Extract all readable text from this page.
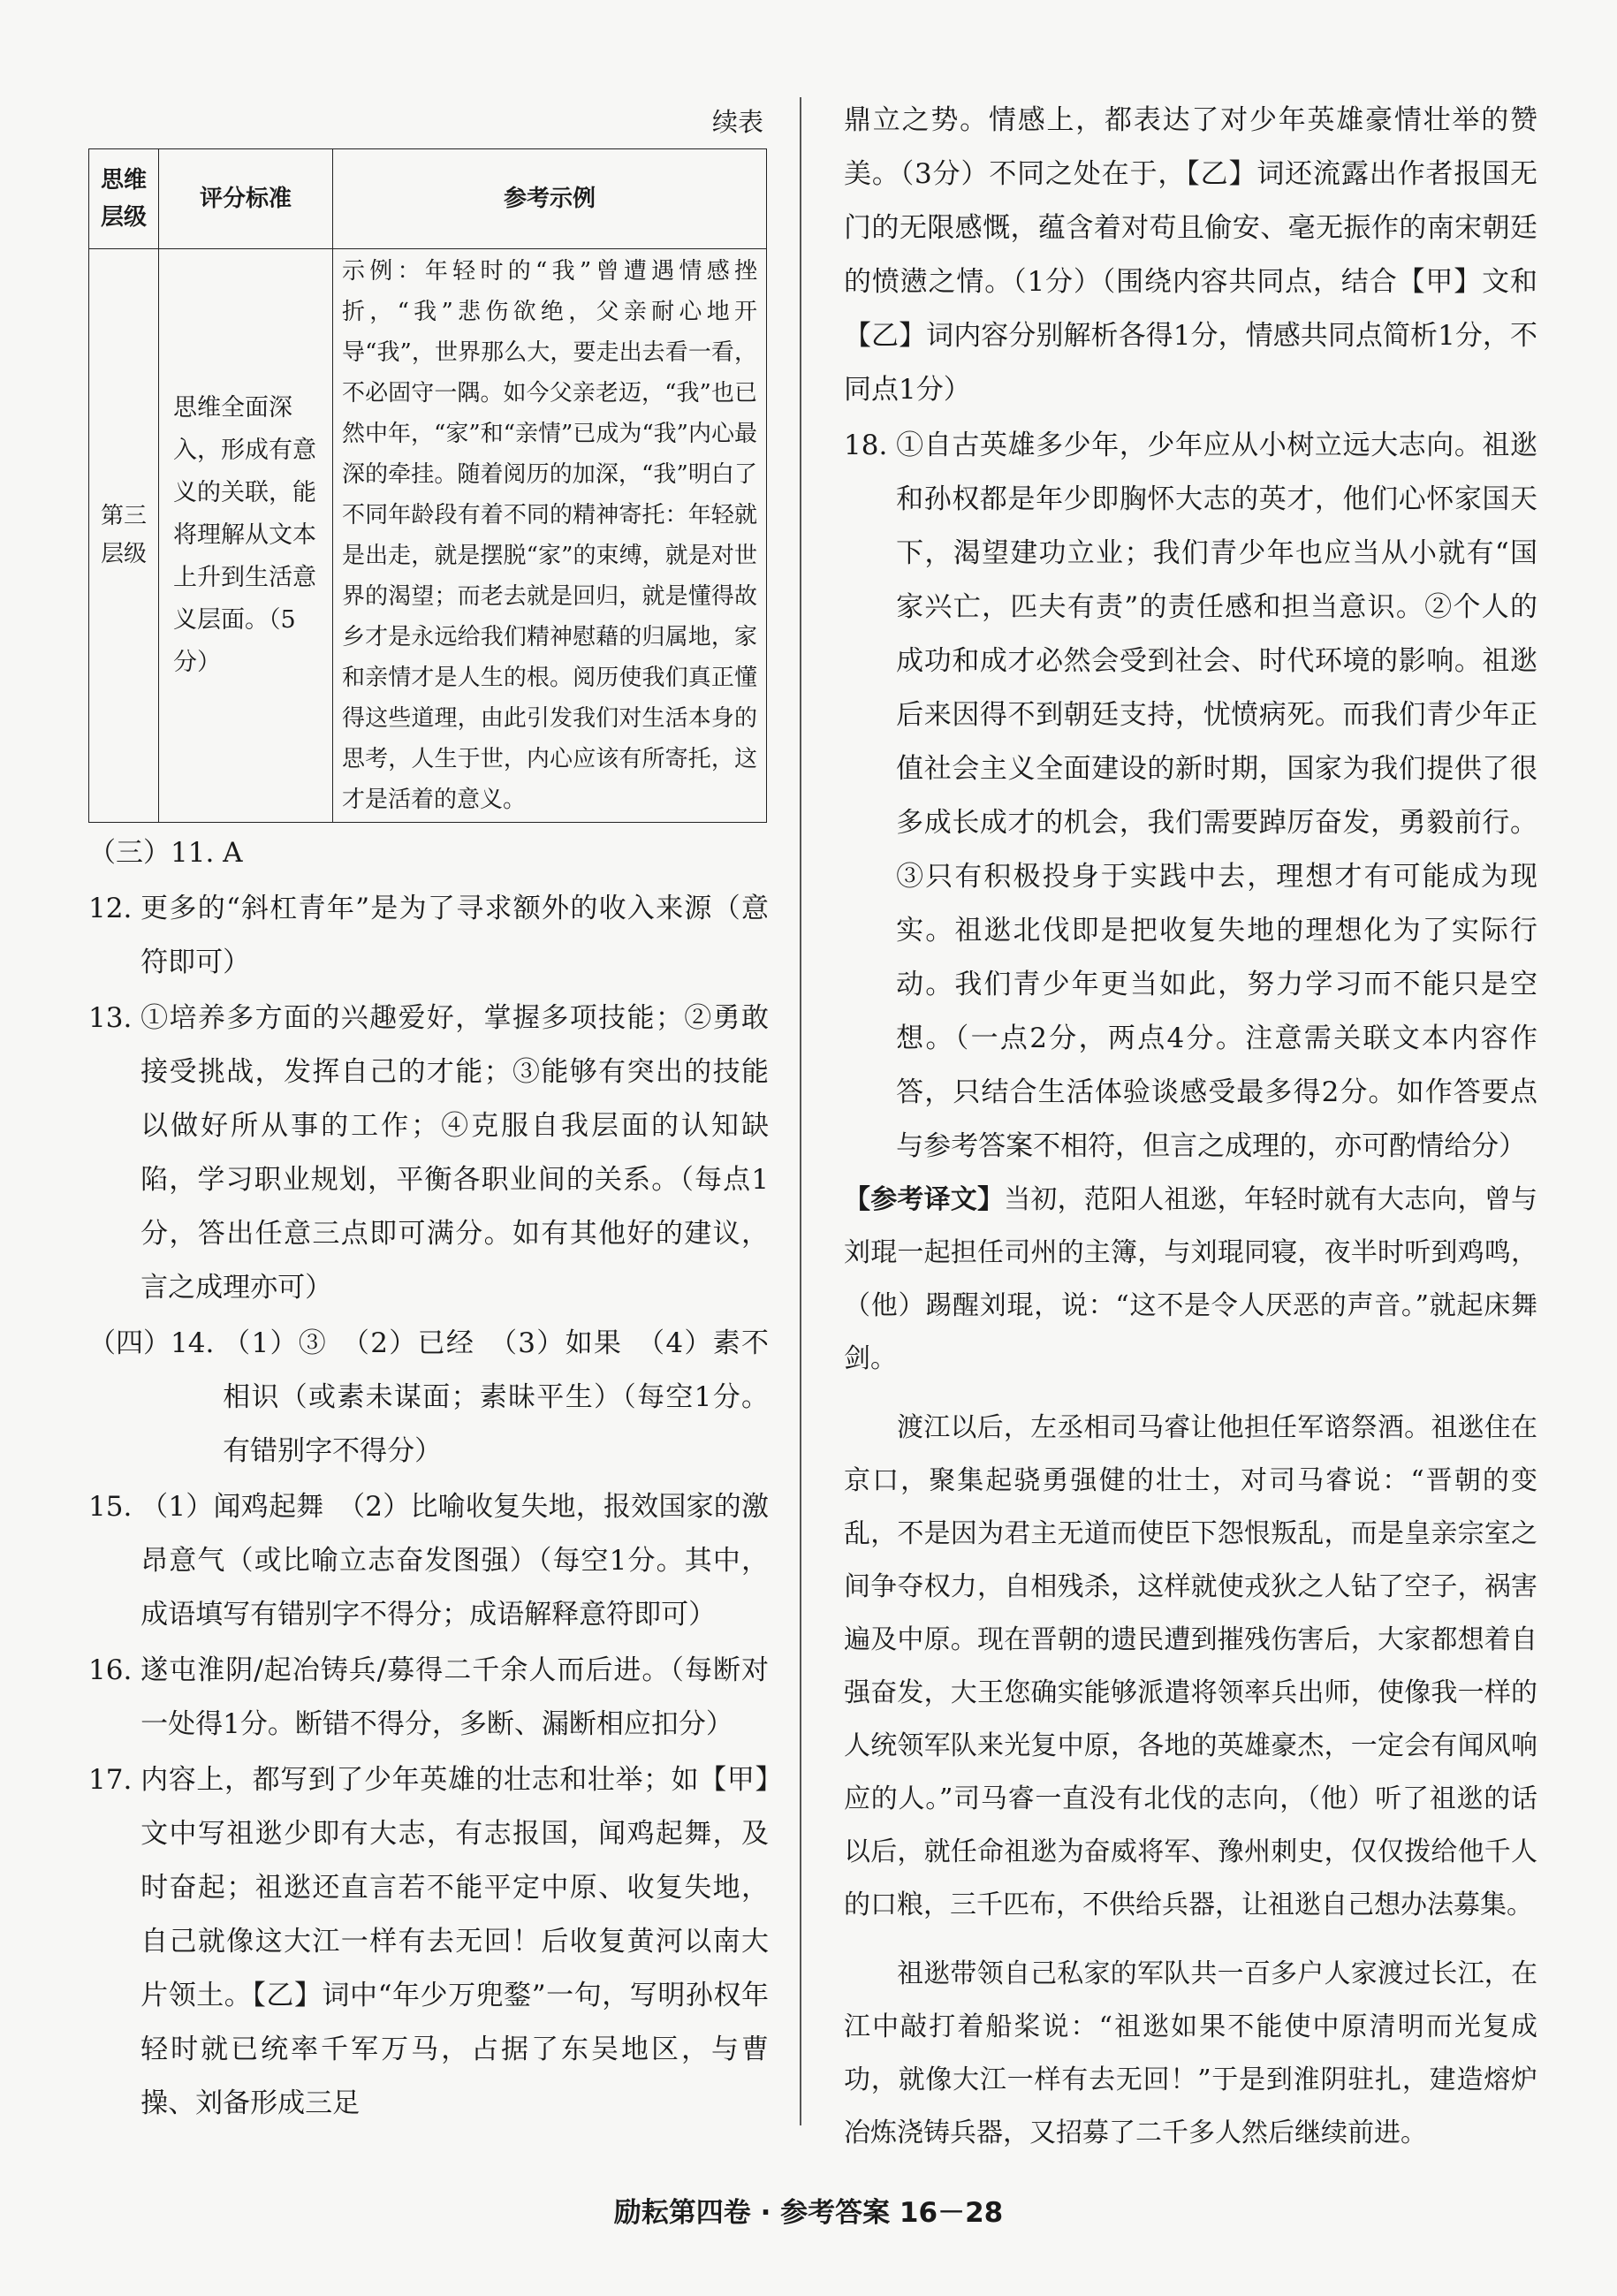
续表
思维层级	评分标准	参考示例
第三层级	思维全面深入，形成有意义的关联，能将理解从文本上升到生活意义层面。（5分）	示例：年轻时的“我”曾遭遇情感挫折，“我”悲伤欲绝，父亲耐心地开导“我”，世界那么大，要走出去看一看，不必固守一隅。如今父亲老迈，“我”也已然中年，“家”和“亲情”已成为“我”内心最深的牵挂。随着阅历的加深，“我”明白了不同年龄段有着不同的精神寄托：年轻就是出走，就是摆脱“家”的束缚，就是对世界的渴望；而老去就是回归，就是懂得故乡才是永远给我们精神慰藉的归属地，家和亲情才是人生的根。阅历使我们真正懂得这些道理，由此引发我们对生活本身的思考，人生于世，内心应该有所寄托，这才是活着的意义。
（三）11. A
12. 更多的“斜杠青年”是为了寻求额外的收入来源（意符即可）
13. ①培养多方面的兴趣爱好，掌握多项技能；②勇敢接受挑战，发挥自己的才能；③能够有突出的技能以做好所从事的工作；④克服自我层面的认知缺陷，学习职业规划，平衡各职业间的关系。（每点1分，答出任意三点即可满分。如有其他好的建议，言之成理亦可）
（四）14. （1）③　（2）已经　（3）如果　（4）素不相识（或素未谋面；素昧平生）（每空1分。有错别字不得分）
15. （1）闻鸡起舞　（2）比喻收复失地，报效国家的激昂意气（或比喻立志奋发图强）（每空1分。其中，成语填写有错别字不得分；成语解释意符即可）
16. 遂屯淮阴/起冶铸兵/募得二千余人而后进。（每断对一处得1分。断错不得分，多断、漏断相应扣分）
17. 内容上，都写到了少年英雄的壮志和壮举；如【甲】文中写祖逖少即有大志，有志报国，闻鸡起舞，及时奋起；祖逖还直言若不能平定中原、收复失地，自己就像这大江一样有去无回！后收复黄河以南大片领土。【乙】词中“年少万兜鍪”一句，写明孙权年轻时就已统率千军万马，占据了东吴地区，与曹操、刘备形成三足
鼎立之势。情感上，都表达了对少年英雄豪情壮举的赞美。（3分）不同之处在于，【乙】词还流露出作者报国无门的无限感慨，蕴含着对苟且偷安、毫无振作的南宋朝廷的愤懑之情。（1分）（围绕内容共同点，结合【甲】文和【乙】词内容分别解析各得1分，情感共同点简析1分，不同点1分）
18. ①自古英雄多少年，少年应从小树立远大志向。祖逖和孙权都是年少即胸怀大志的英才，他们心怀家国天下，渴望建功立业；我们青少年也应当从小就有“国家兴亡，匹夫有责”的责任感和担当意识。②个人的成功和成才必然会受到社会、时代环境的影响。祖逖后来因得不到朝廷支持，忧愤病死。而我们青少年正值社会主义全面建设的新时期，国家为我们提供了很多成长成才的机会，我们需要踔厉奋发，勇毅前行。③只有积极投身于实践中去，理想才有可能成为现实。祖逖北伐即是把收复失地的理想化为了实际行动。我们青少年更当如此，努力学习而不能只是空想。（一点2分，两点4分。注意需关联文本内容作答，只结合生活体验谈感受最多得2分。如作答要点与参考答案不相符，但言之成理的，亦可酌情给分）

【参考译文】当初，范阳人祖逖，年轻时就有大志向，曾与刘琨一起担任司州的主簿，与刘琨同寝，夜半时听到鸡鸣，（他）踢醒刘琨，说：“这不是令人厌恶的声音。”就起床舞剑。

渡江以后，左丞相司马睿让他担任军谘祭酒。祖逖住在京口，聚集起骁勇强健的壮士，对司马睿说：“晋朝的变乱，不是因为君主无道而使臣下怨恨叛乱，而是皇亲宗室之间争夺权力，自相残杀，这样就使戎狄之人钻了空子，祸害遍及中原。现在晋朝的遗民遭到摧残伤害后，大家都想着自强奋发，大王您确实能够派遣将领率兵出师，使像我一样的人统领军队来光复中原，各地的英雄豪杰，一定会有闻风响应的人。”司马睿一直没有北伐的志向，（他）听了祖逖的话以后，就任命祖逖为奋威将军、豫州刺史，仅仅拨给他千人的口粮，三千匹布，不供给兵器，让祖逖自己想办法募集。

祖逖带领自己私家的军队共一百多户人家渡过长江，在江中敲打着船桨说：“祖逖如果不能使中原清明而光复成功，就像大江一样有去无回！”于是到淮阴驻扎，建造熔炉冶炼浇铸兵器，又招募了二千多人然后继续前进。

励耘第四卷 · 参考答案 16－28
